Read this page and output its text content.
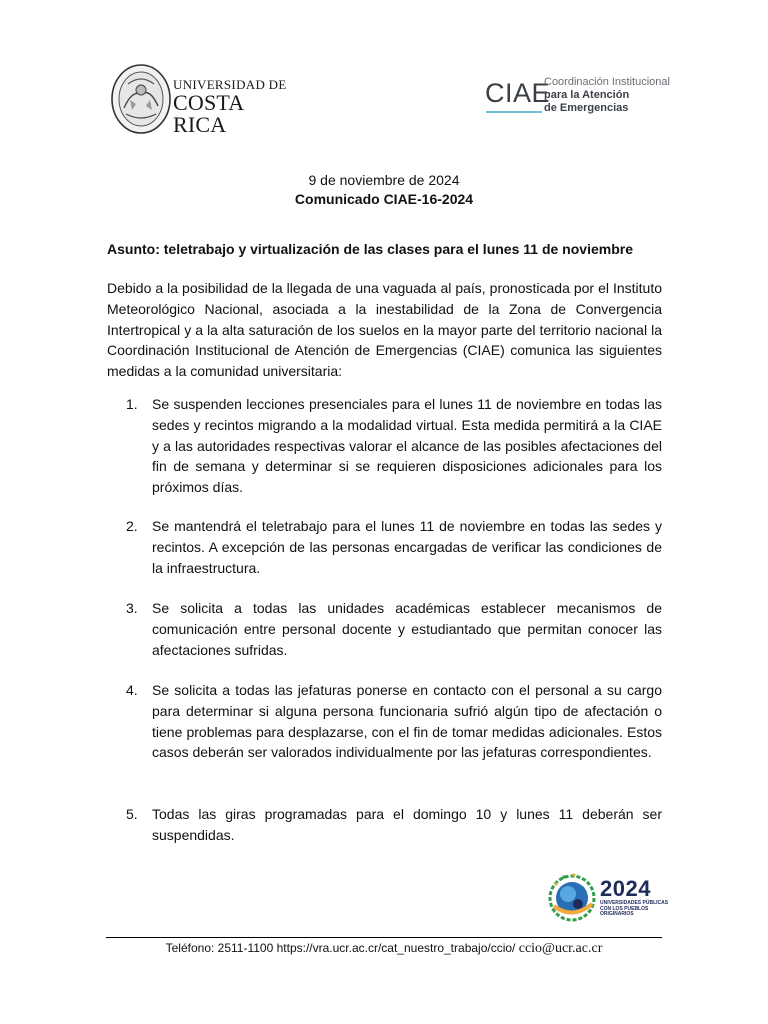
UNIVERSIDAD DE
COSTA RICA
CIAE
Coordinación Institucional
para la Atención
de Emergencias
9 de noviembre de 2024
Comunicado CIAE-16-2024
Asunto: teletrabajo y virtualización de las clases para el lunes 11 de noviembre
Debido a la posibilidad de la llegada de una vaguada al país, pronosticada por el Instituto Meteorológico Nacional, asociada a la inestabilidad de la Zona de Convergencia Intertropical y a la alta saturación de los suelos en la mayor parte del territorio nacional la Coordinación Institucional de Atención de Emergencias (CIAE) comunica las siguientes medidas a la comunidad universitaria:
1.	Se suspenden lecciones presenciales para el lunes 11 de noviembre en todas las sedes y recintos migrando a la modalidad virtual. Esta medida permitirá a la CIAE y a las autoridades respectivas valorar el alcance de las posibles afectaciones del fin de semana y determinar si se requieren disposiciones adicionales para los próximos días.
2.	Se mantendrá el teletrabajo para el lunes 11 de noviembre en todas las sedes y recintos. A excepción de las personas encargadas de verificar las condiciones de la infraestructura.
3.	Se solicita a todas las unidades académicas establecer mecanismos de comunicación entre personal docente y estudiantado que permitan conocer las afectaciones sufridas.
4.	Se solicita a todas las jefaturas ponerse en contacto con el personal a su cargo para determinar si alguna persona funcionaria sufrió algún tipo de afectación o tiene problemas para desplazarse, con el fin de tomar medidas adicionales. Estos casos deberán ser valorados individualmente por las jefaturas correspondientes.
5.	Todas las giras programadas para el domingo 10 y lunes 11 deberán ser suspendidas.
2024
UNIVERSIDADES PÚBLICAS CON LOS PUEBLOS ORIGINARIOS
Teléfono: 2511-1100 https://vra.ucr.ac.cr/cat_nuestro_trabajo/ccio/ ccio@ucr.ac.cr
